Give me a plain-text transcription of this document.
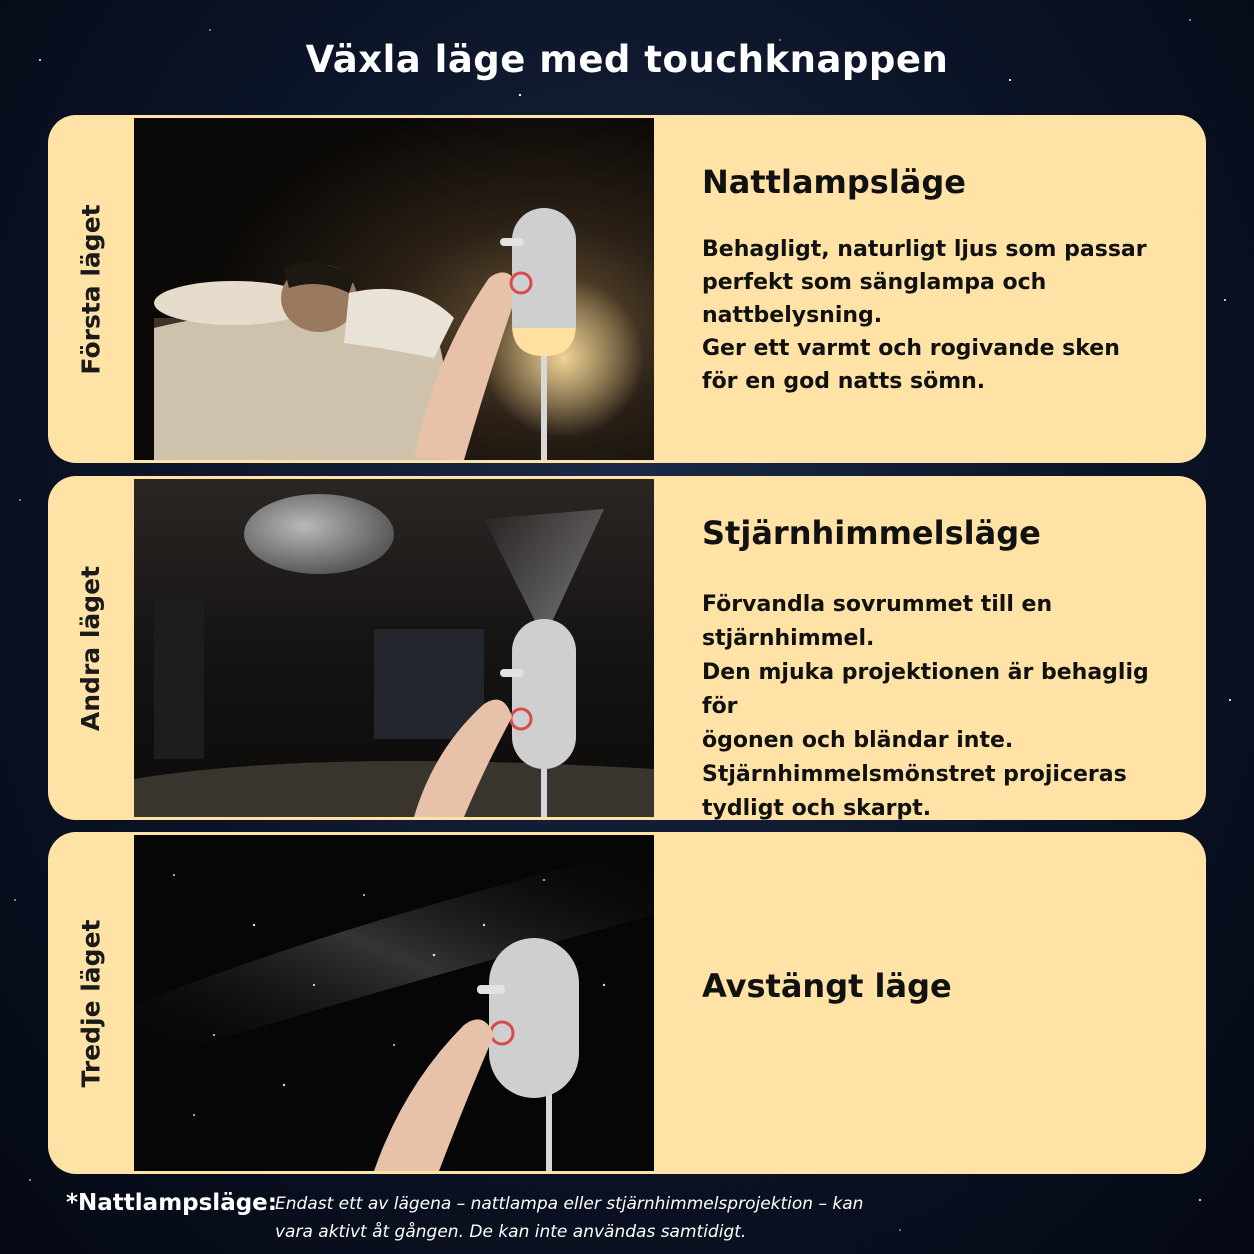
Växla läge med touchknappen
Första läget
Nattlampsläge
Behagligt, naturligt ljus som passar
perfekt som sänglampa och
nattbelysning.
Ger ett varmt och rogivande sken
för en god natts sömn.
Andra läget
Stjärnhimmelsläge
Förvandla sovrummet till en stjärnhimmel.
Den mjuka projektionen är behaglig för
ögonen och bländar inte.
Stjärnhimmelsmönstret projiceras
tydligt och skarpt.
Tredje läget	Avstängt läge
*Nattlampsläge:
Endast ett av lägena – nattlampa eller stjärnhimmelsprojektion – kan
vara aktivt åt gången. De kan inte användas samtidigt.
